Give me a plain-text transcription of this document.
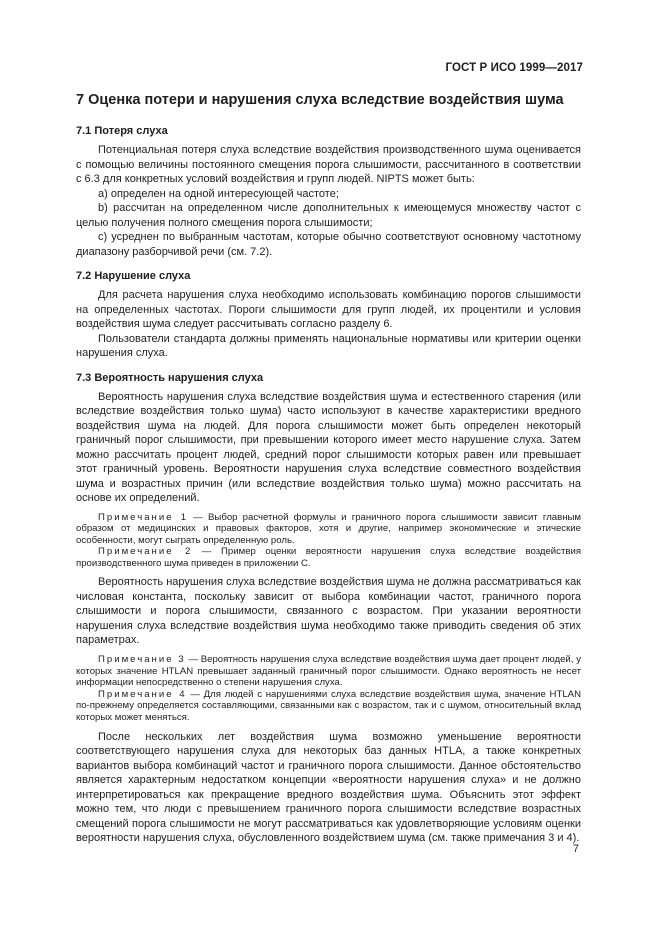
ГОСТ Р ИСО 1999—2017
7 Оценка потери и нарушения слуха вследствие воздействия шума
7.1 Потеря слуха

Потенциальная потеря слуха вследствие воздействия производственного шума оценивается с помощью величины постоянного смещения порога слышимости, рассчитанного в соответствии с 6.3 для конкретных условий воздействия и групп людей. NIPTS может быть:

a) определен на одной интересующей частоте;

b) рассчитан на определенном числе дополнительных к имеющемуся множеству частот с целью получения полного смещения порога слышимости;

c) усреднен по выбранным частотам, которые обычно соответствуют основному частотному диапазону разборчивой речи (см. 7.2).

7.2 Нарушение слуха

Для расчета нарушения слуха необходимо использовать комбинацию порогов слышимости на определенных частотах. Пороги слышимости для групп людей, их процентили и условия воздействия шума следует рассчитывать согласно разделу 6.

Пользователи стандарта должны применять национальные нормативы или критерии оценки нарушения слуха.

7.3 Вероятность нарушения слуха

Вероятность нарушения слуха вследствие воздействия шума и естественного старения (или вследствие воздействия только шума) часто используют в качестве характеристики вредного воздействия шума на людей. Для порога слышимости может быть определен некоторый граничный порог слышимости, при превышении которого имеет место нарушение слуха. Затем можно рассчитать процент людей, средний порог слышимости которых равен или превышает этот граничный уровень. Вероятности нарушения слуха вследствие совместного воздействия шума и возрастных причин (или вследствие воздействия только шума) можно рассчитать на основе их определений.

Примечание 1 — Выбор расчетной формулы и граничного порога слышимости зависит главным образом от медицинских и правовых факторов, хотя и другие, например экономические и этические особенности, могут сыграть определенную роль.

Примечание 2 — Пример оценки вероятности нарушения слуха вследствие воздействия производственного шума приведен в приложении С.

Вероятность нарушения слуха вследствие воздействия шума не должна рассматриваться как числовая константа, поскольку зависит от выбора комбинации частот, граничного порога слышимости и порога слышимости, связанного с возрастом. При указании вероятности нарушения слуха вследствие воздействия шума необходимо также приводить сведения об этих параметрах.

Примечание 3 — Вероятность нарушения слуха вследствие воздействия шума дает процент людей, у которых значение HTLAN превышает заданный граничный порог слышимости. Однако вероятность не несет информации непосредственно о степени нарушения слуха.

Примечание 4 — Для людей с нарушениями слуха вследствие воздействия шума, значение HTLAN по-прежнему определяется составляющими, связанными как с возрастом, так и с шумом, относительный вклад которых может меняться.

После нескольких лет воздействия шума возможно уменьшение вероятности соответствующего нарушения слуха для некоторых баз данных HTLA, а также конкретных вариантов выбора комбинаций частот и граничного порога слышимости. Данное обстоятельство является характерным недостатком концепции «вероятности нарушения слуха» и не должно интерпретироваться как прекращение вредного воздействия шума. Объяснить этот эффект можно тем, что люди с превышением граничного порога слышимости вследствие возрастных смещений порога слышимости не могут рассматриваться как удовлетворяющие условиям оценки вероятности нарушения слуха, обусловленного воздействием шума (см. также примечания 3 и 4).

7
